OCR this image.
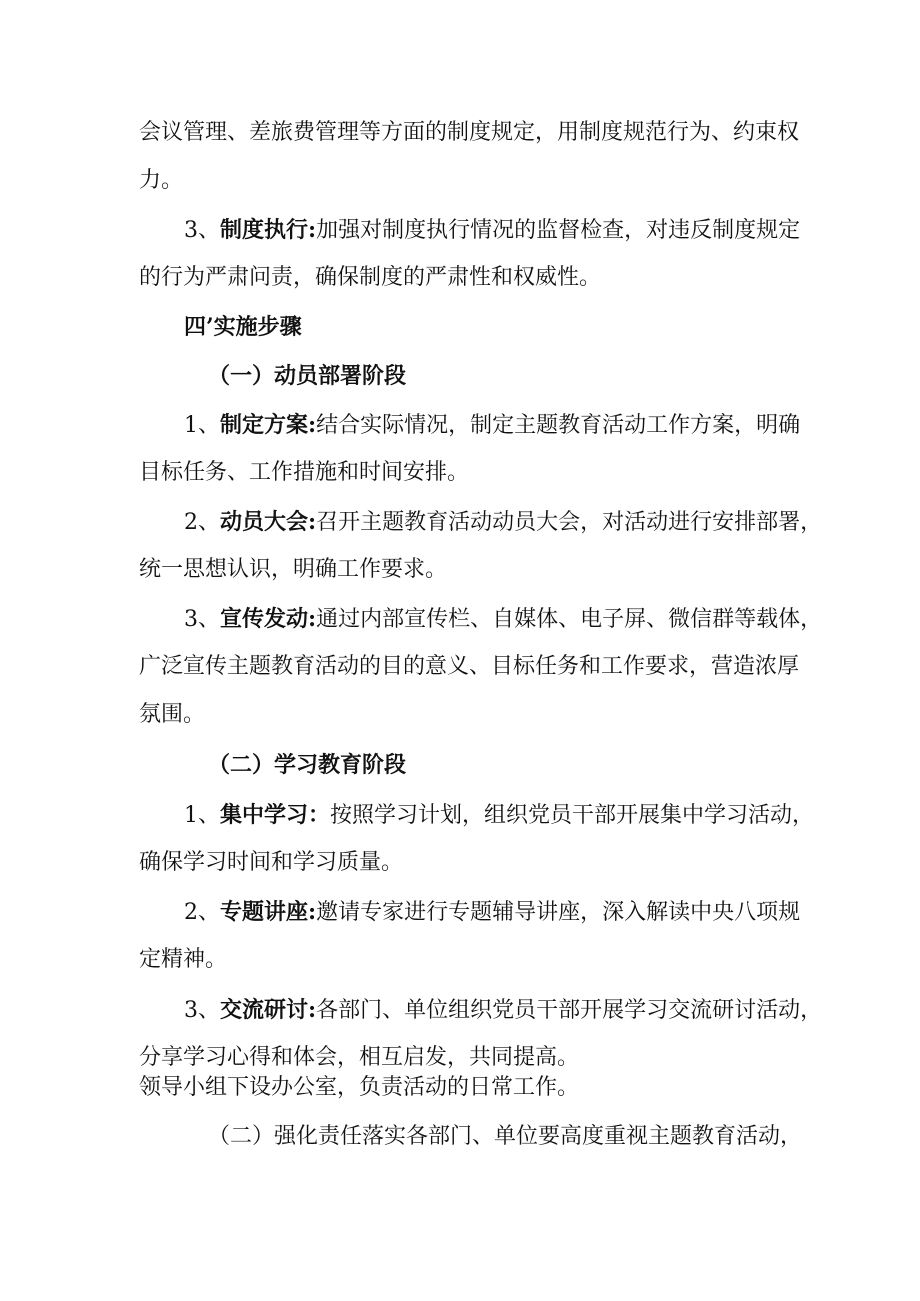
会议管理、差旅费管理等方面的制度规定，用制度规范行为、约束权
力。
3、制度执行:加强对制度执行情况的监督检查，对违反制度规定
的行为严肃问责，确保制度的严肃性和权威性。
四’实施步骤
（一）动员部署阶段
1、制定方案:结合实际情况，制定主题教育活动工作方案，明确
目标任务、工作措施和时间安排。
2、动员大会:召开主题教育活动动员大会，对活动进行安排部署，
统一思想认识，明确工作要求。
3、宣传发动:通过内部宣传栏、自媒体、电子屏、微信群等载体，
广泛宣传主题教育活动的目的意义、目标任务和工作要求，营造浓厚
氛围。
（二）学习教育阶段
1、集中学习：按照学习计划，组织党员干部开展集中学习活动，
确保学习时间和学习质量。
2、专题讲座:邀请专家进行专题辅导讲座，深入解读中央八项规
定精神。
3、交流研讨:各部门、单位组织党员干部开展学习交流研讨活动，
分享学习心得和体会，相互启发，共同提高。
领导小组下设办公室，负责活动的日常工作。
（二）强化责任落实各部门、单位要高度重视主题教育活动，
